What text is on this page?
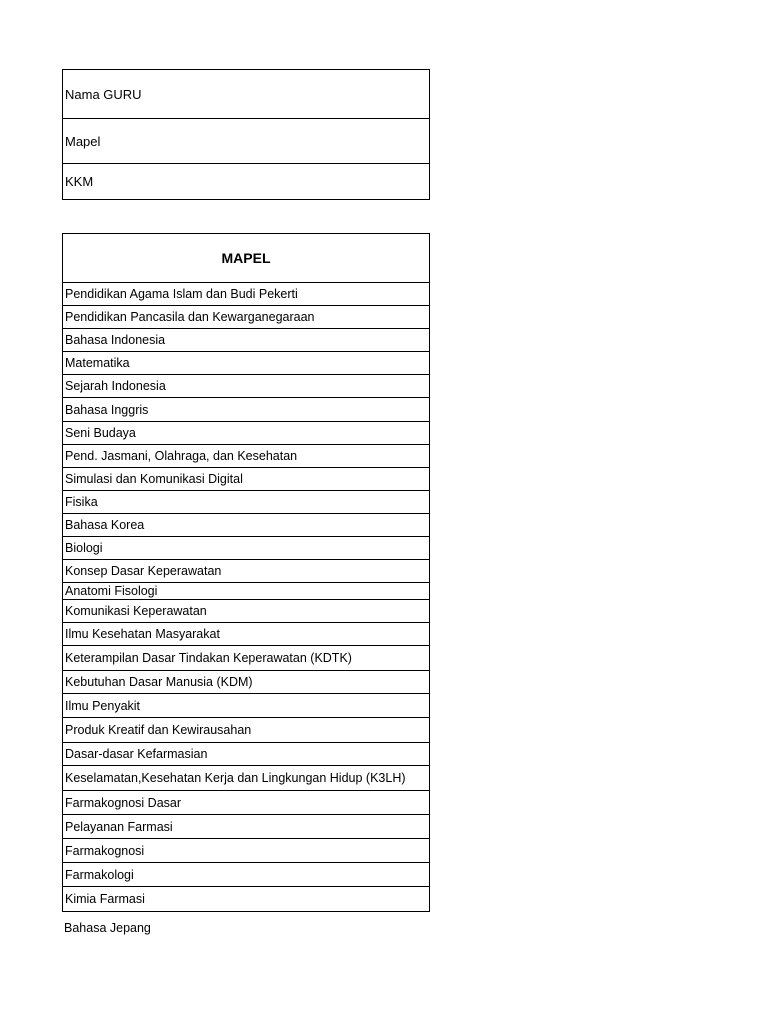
Nama GURU
Mapel
KKM
MAPEL
Pendidikan Agama Islam dan Budi Pekerti
Pendidikan Pancasila dan Kewarganegaraan
Bahasa Indonesia
Matematika
Sejarah Indonesia
Bahasa Inggris
Seni Budaya
Pend. Jasmani, Olahraga, dan Kesehatan
Simulasi dan Komunikasi Digital
Fisika
Bahasa Korea
Biologi
Konsep Dasar Keperawatan
Anatomi Fisologi
Komunikasi Keperawatan
Ilmu Kesehatan Masyarakat
Keterampilan Dasar Tindakan Keperawatan (KDTK)
Kebutuhan Dasar Manusia (KDM)
Ilmu Penyakit
Produk Kreatif dan Kewirausahan
Dasar-dasar Kefarmasian
Keselamatan,Kesehatan Kerja dan Lingkungan Hidup (K3LH)
Farmakognosi Dasar
Pelayanan Farmasi
Farmakognosi
Farmakologi
Kimia Farmasi
Bahasa Jepang
